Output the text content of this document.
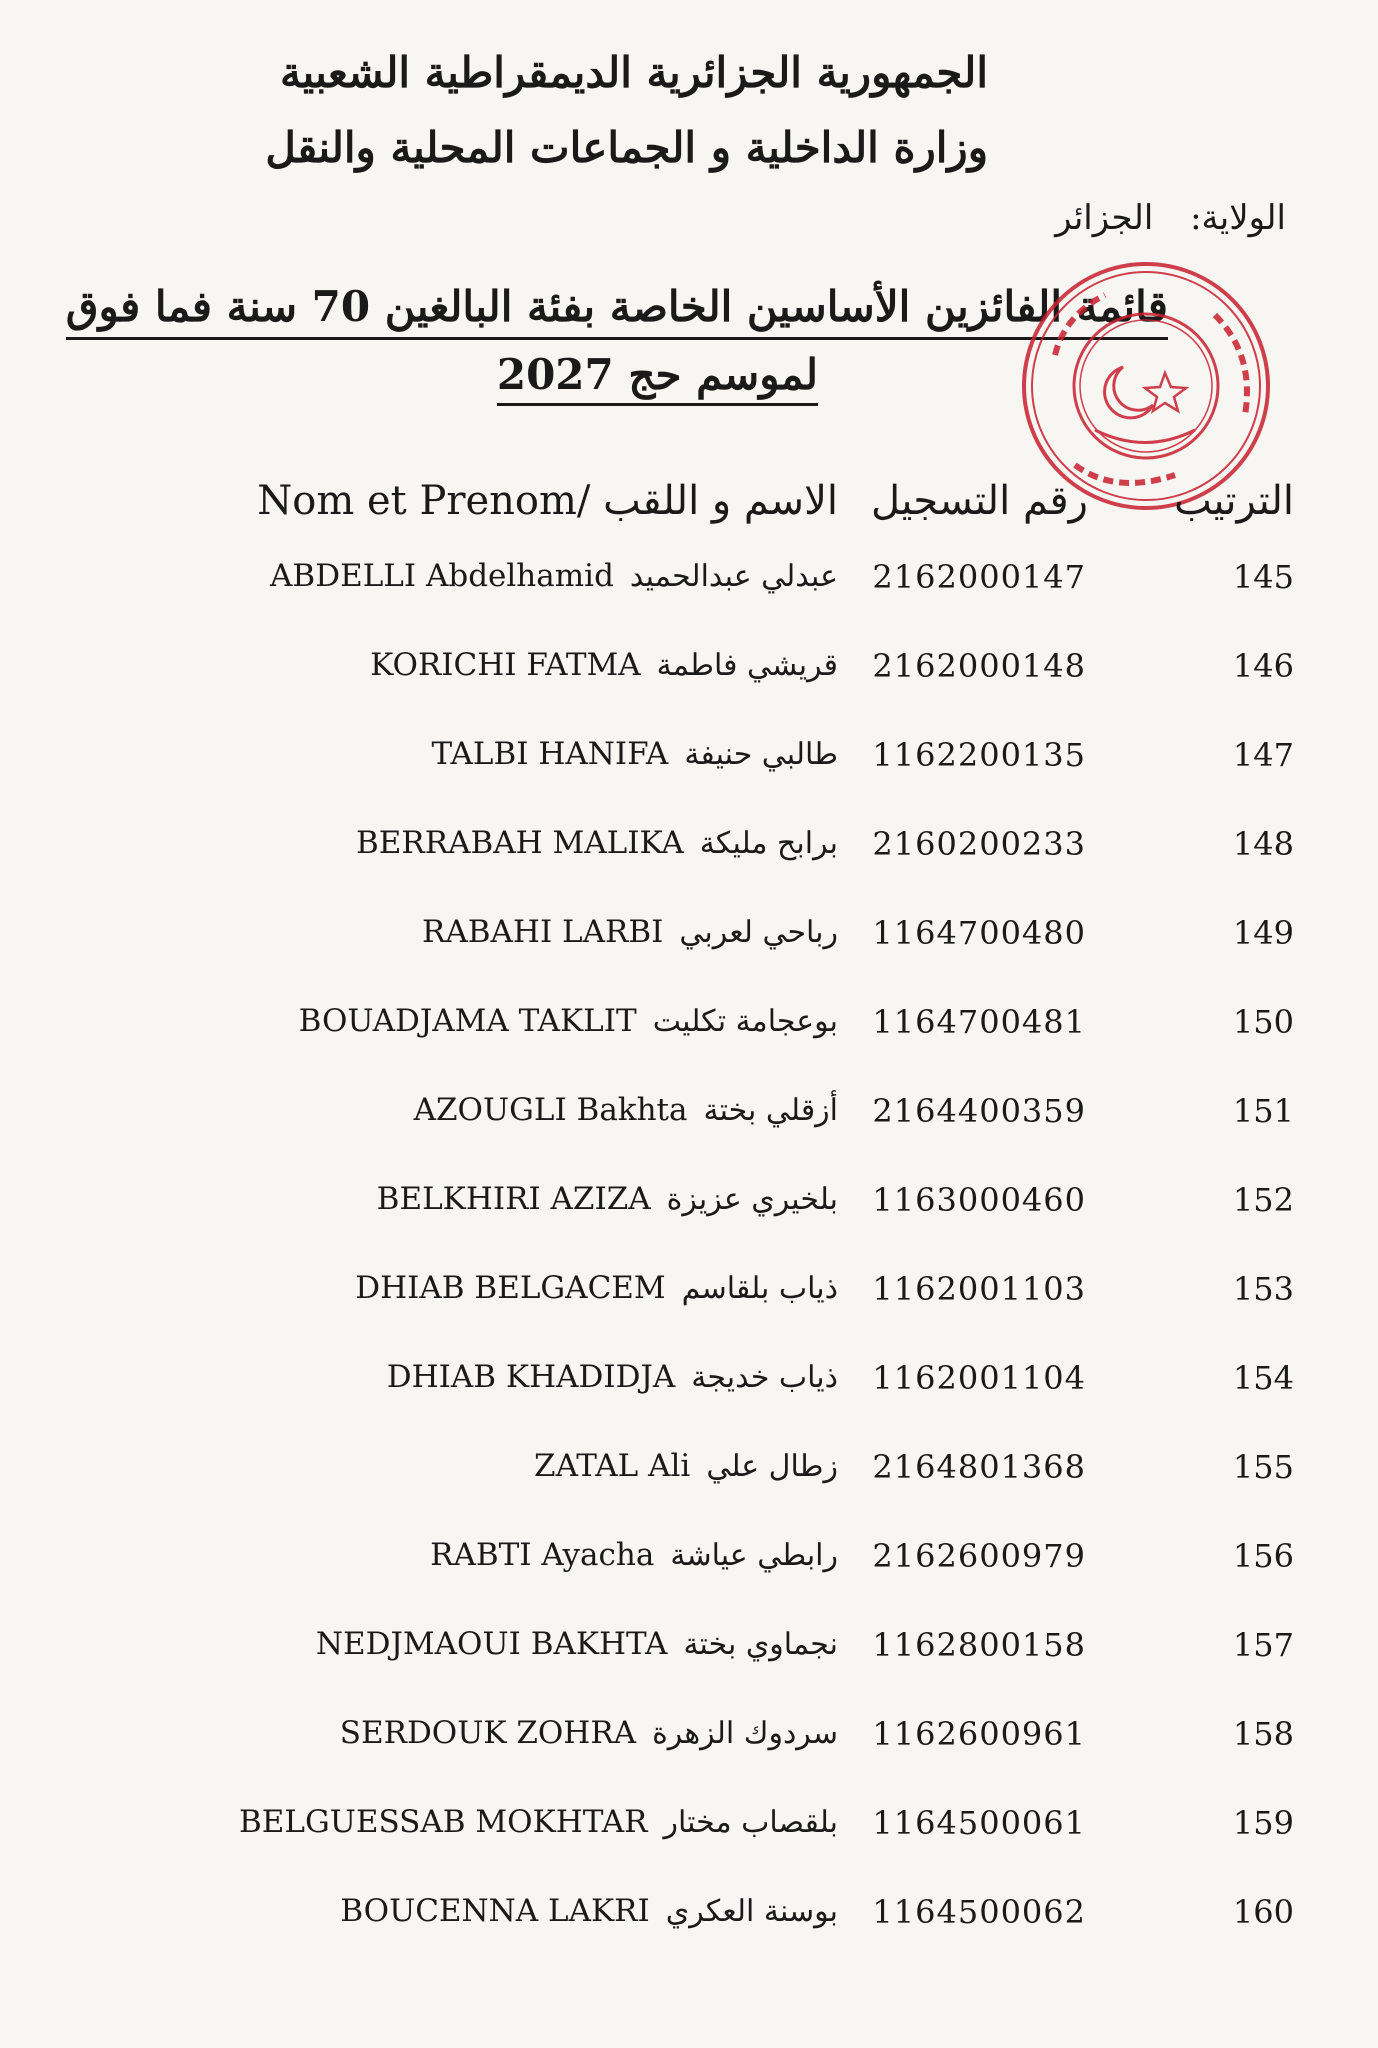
الجمهورية الجزائرية الديمقراطية الشعبية
وزارة الداخلية و الجماعات المحلية والنقل
الولاية: الجزائر
قائمة الفائزين الأساسين الخاصة بفئة البالغين 70 سنة فما فوق
لموسم حج 2027
الترتيب
رقم التسجيل
Nom et Prenom/ الاسم و اللقب
145
2162000147
ABDELLI Abdelhamid عبدلي عبدالحميد
146
2162000148
KORICHI FATMA قريشي فاطمة
147
1162200135
TALBI HANIFA طالبي حنيفة
148
2160200233
BERRABAH MALIKA برابح مليكة
149
1164700480
RABAHI LARBI رباحي لعربي
150
1164700481
BOUADJAMA TAKLIT بوعجامة تكليت
151
2164400359
AZOUGLI Bakhta أزقلي بختة
152
1163000460
BELKHIRI AZIZA بلخيري عزيزة
153
1162001103
DHIAB BELGACEM ذياب بلقاسم
154
1162001104
DHIAB KHADIDJA ذياب خديجة
155
2164801368
ZATAL Ali زطال علي
156
2162600979
RABTI Ayacha رابطي عياشة
157
1162800158
NEDJMAOUI BAKHTA نجماوي بختة
158
1162600961
SERDOUK ZOHRA سردوك الزهرة
159
1164500061
BELGUESSAB MOKHTAR بلقصاب مختار
160
1164500062
BOUCENNA LAKRI بوسنة العكري
